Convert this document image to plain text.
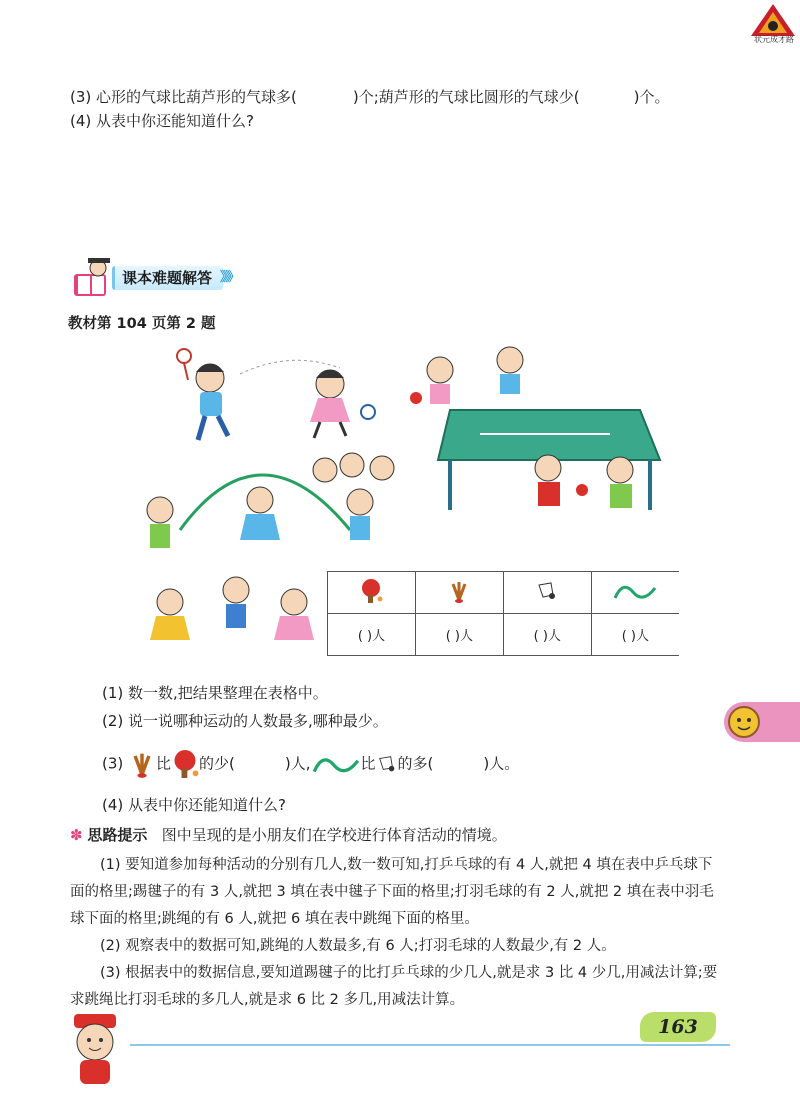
状元成才路
(3) 心形的气球比葫芦形的气球多(	)个;葫芦形的气球比圆形的气球少(	)个。
(4) 从表中你还能知道什么?
课本难题解答 》》》
教材第 104 页第 2 题

( )人	( )人	( )人	( )人
(1) 数一数,把结果整理在表格中。
(2) 说一说哪种运动的人数最多,哪种最少。
(3) 比 的少(	)人,	比 的多(	)人。
(4) 从表中你还能知道什么?
✽ 思路提示 图中呈现的是小朋友们在学校进行体育活动的情境。
(1) 要知道参加每种活动的分别有几人,数一数可知,打乒乓球的有 4 人,就把 4 填在表中乒乓球下面的格里;踢毽子的有 3 人,就把 3 填在表中毽子下面的格里;打羽毛球的有 2 人,就把 2 填在表中羽毛球下面的格里;跳绳的有 6 人,就把 6 填在表中跳绳下面的格里。
(2) 观察表中的数据可知,跳绳的人数最多,有 6 人;打羽毛球的人数最少,有 2 人。
(3) 根据表中的数据信息,要知道踢毽子的比打乒乓球的少几人,就是求 3 比 4 少几,用减法计算;要求跳绳比打羽毛球的多几人,就是求 6 比 2 多几,用减法计算。
163
